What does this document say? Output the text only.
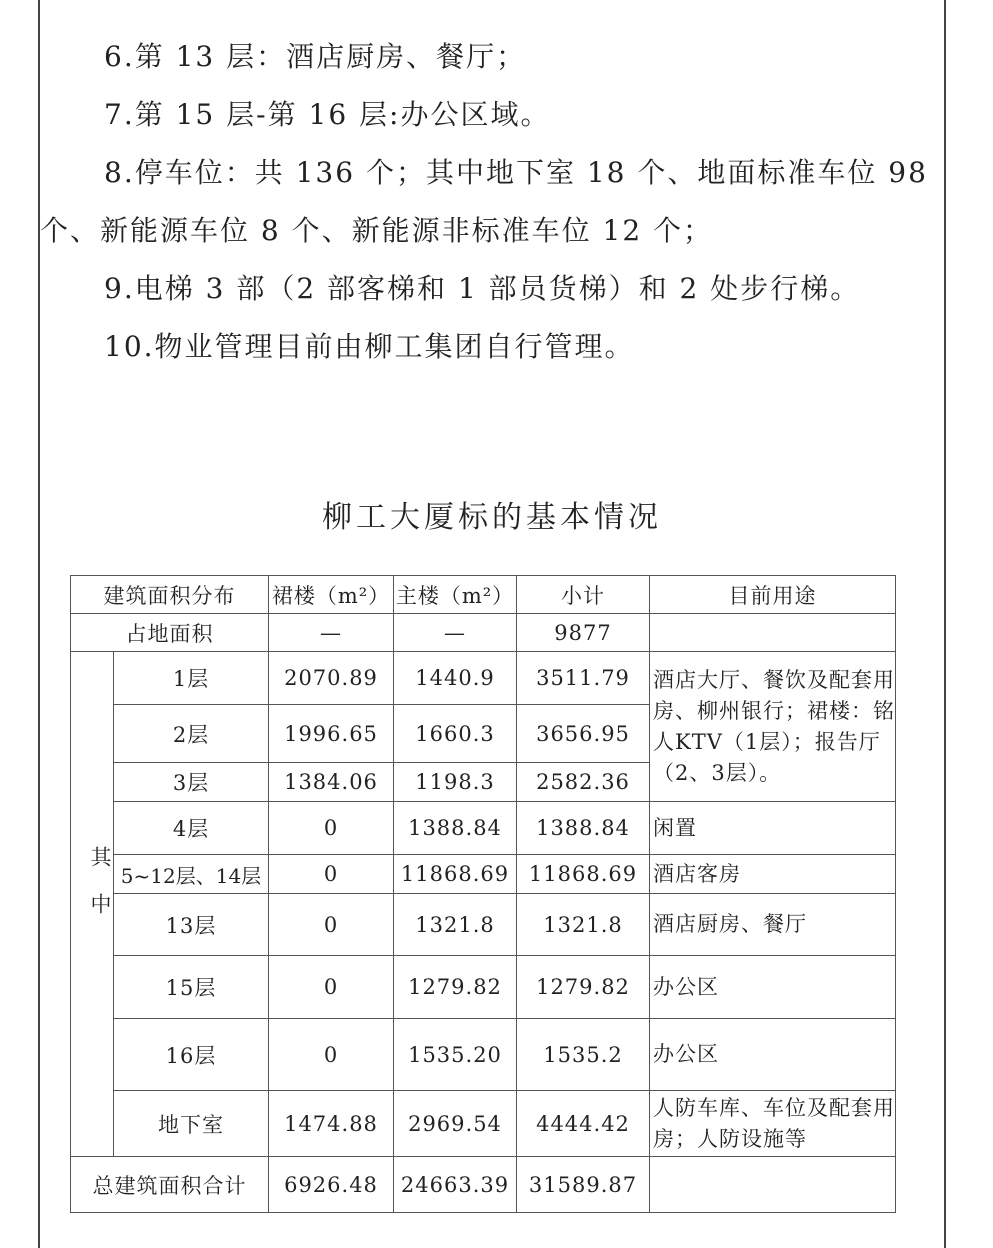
6.第 13 层：酒店厨房、餐厅；
7.第 15 层-第 16 层:办公区域。
8.停车位：共 136 个；其中地下室 18 个、地面标准车位 98
个、新能源车位 8 个、新能源非标准车位 12 个；
9.电梯 3 部（2 部客梯和 1 部员货梯）和 2 处步行梯。
10.物业管理目前由柳工集团自行管理。
柳工大厦标的基本情况
建筑面积分布		裙楼（m²）	主楼（m²）	小计	目前用途
占地面积		—	—	9877	
其中	1层	2070.89	1440.9	3511.79	酒店大厅、餐饮及配套用房、柳州银行；裙楼：铭人KTV（1层）；报告厅（2、3层）。
	2层	1996.65	1660.3	3656.95	
	3层	1384.06	1198.3	2582.36	
	4层	0	1388.84	1388.84	闲置
	5~12层、14层	0	11868.69	11868.69	酒店客房
	13层	0	1321.8	1321.8	酒店厨房、餐厅
	15层	0	1279.82	1279.82	办公区
	16层	0	1535.20	1535.2	办公区
	地下室	1474.88	2969.54	4444.42	人防车库、车位及配套用房；人防设施等
总建筑面积合计		6926.48	24663.39	31589.87	
